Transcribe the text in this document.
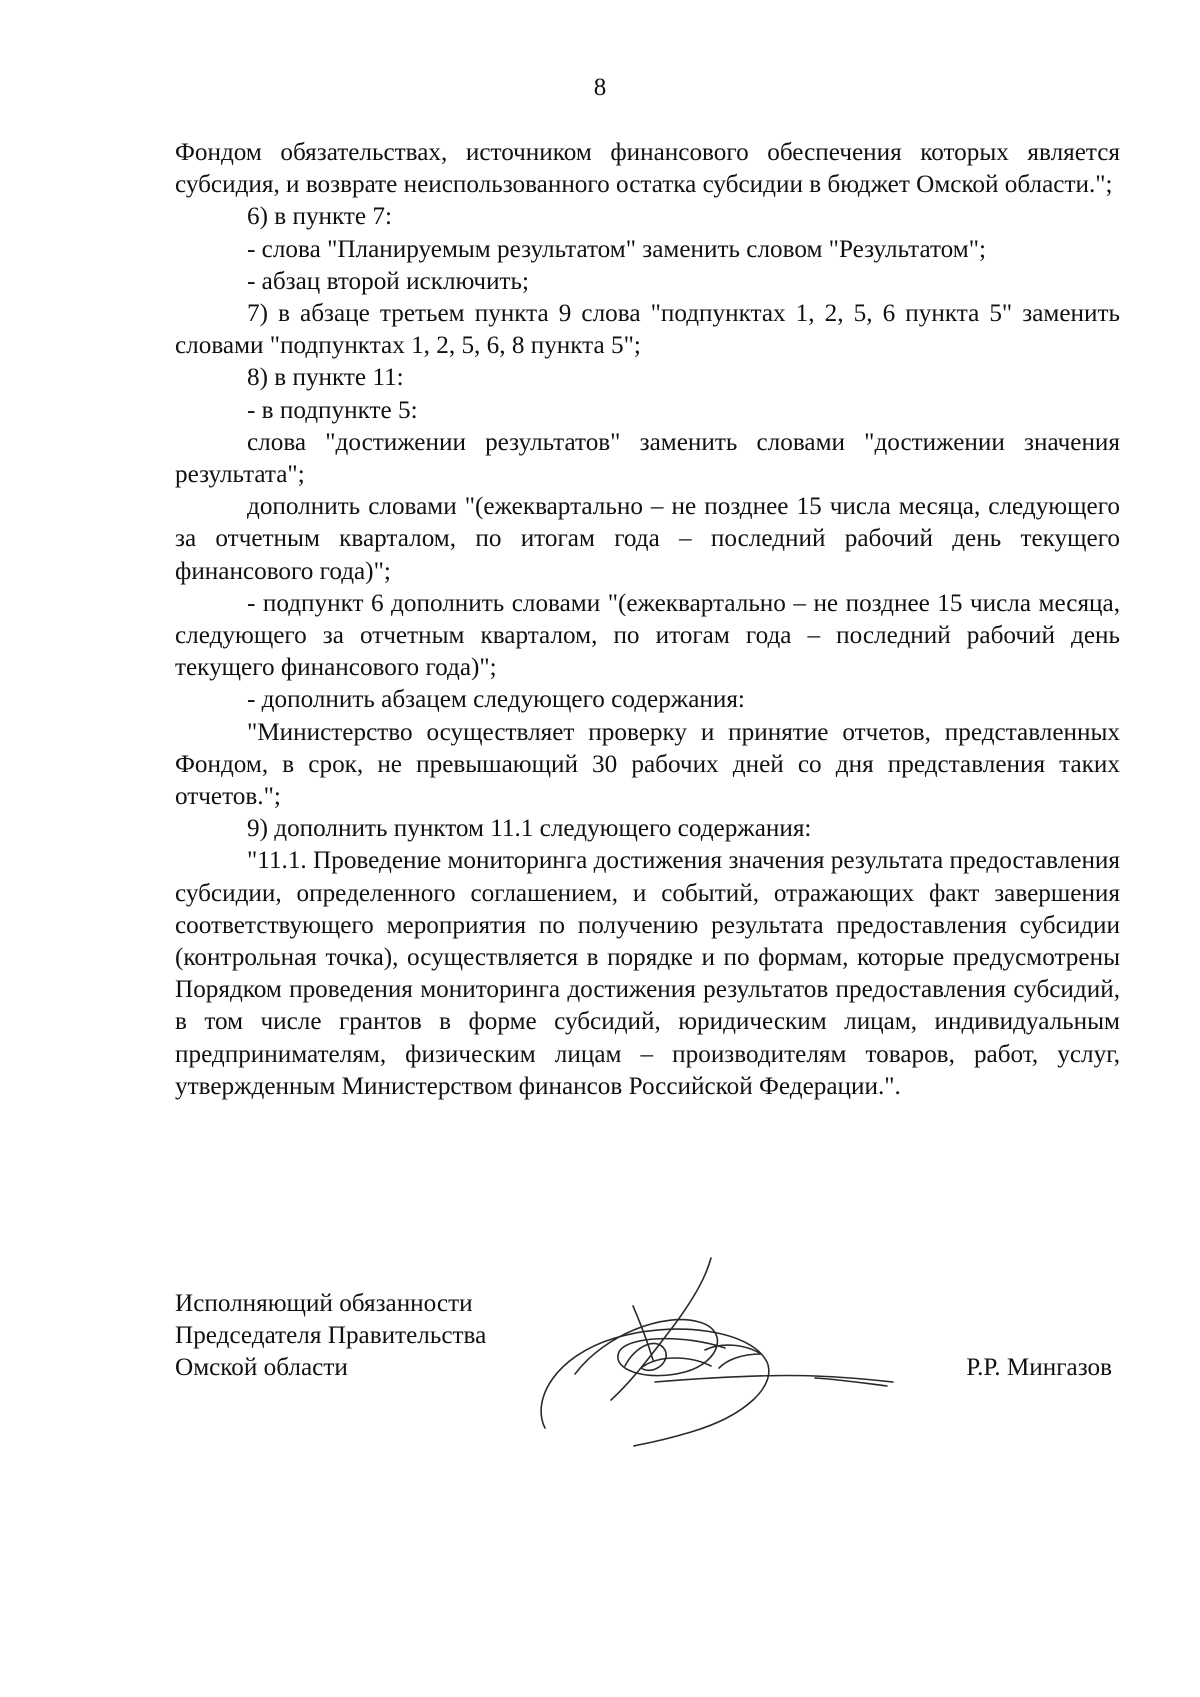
8

Фондом обязательствах, источником финансового обеспечения которых является субсидия, и возврате неиспользованного остатка субсидии в бюджет Омской области.";

6) в пункте 7:

- слова "Планируемым результатом" заменить словом "Результатом";

- абзац второй исключить;

7) в абзаце третьем пункта 9 слова "подпунктах 1, 2, 5, 6 пункта 5" заменить словами "подпунктах 1, 2, 5, 6, 8 пункта 5";

8) в пункте 11:

- в подпункте 5:

слова "достижении результатов" заменить словами "достижении значения результата";

дополнить словами "(ежеквартально – не позднее 15 числа месяца, следующего за отчетным кварталом, по итогам года – последний рабочий день текущего финансового года)";

- подпункт 6 дополнить словами "(ежеквартально – не позднее 15 числа месяца, следующего за отчетным кварталом, по итогам года – последний рабочий день текущего финансового года)";

- дополнить абзацем следующего содержания:

"Министерство осуществляет проверку и принятие отчетов, представленных Фондом, в срок, не превышающий 30 рабочих дней со дня представления таких отчетов.";

9) дополнить пунктом 11.1 следующего содержания:

"11.1. Проведение мониторинга достижения значения результата предоставления субсидии, определенного соглашением, и событий, отражающих факт завершения соответствующего мероприятия по получению результата предоставления субсидии (контрольная точка), осуществляется в порядке и по формам, которые предусмотрены Порядком проведения мониторинга достижения результатов предоставления субсидий, в том числе грантов в форме субсидий, юридическим лицам, индивидуальным предпринимателям, физическим лицам – производителям товаров, работ, услуг, утвержденным Министерством финансов Российской Федерации.".

Исполняющий обязанности
Председателя Правительства
Омской области	Р.Р. Мингазов
